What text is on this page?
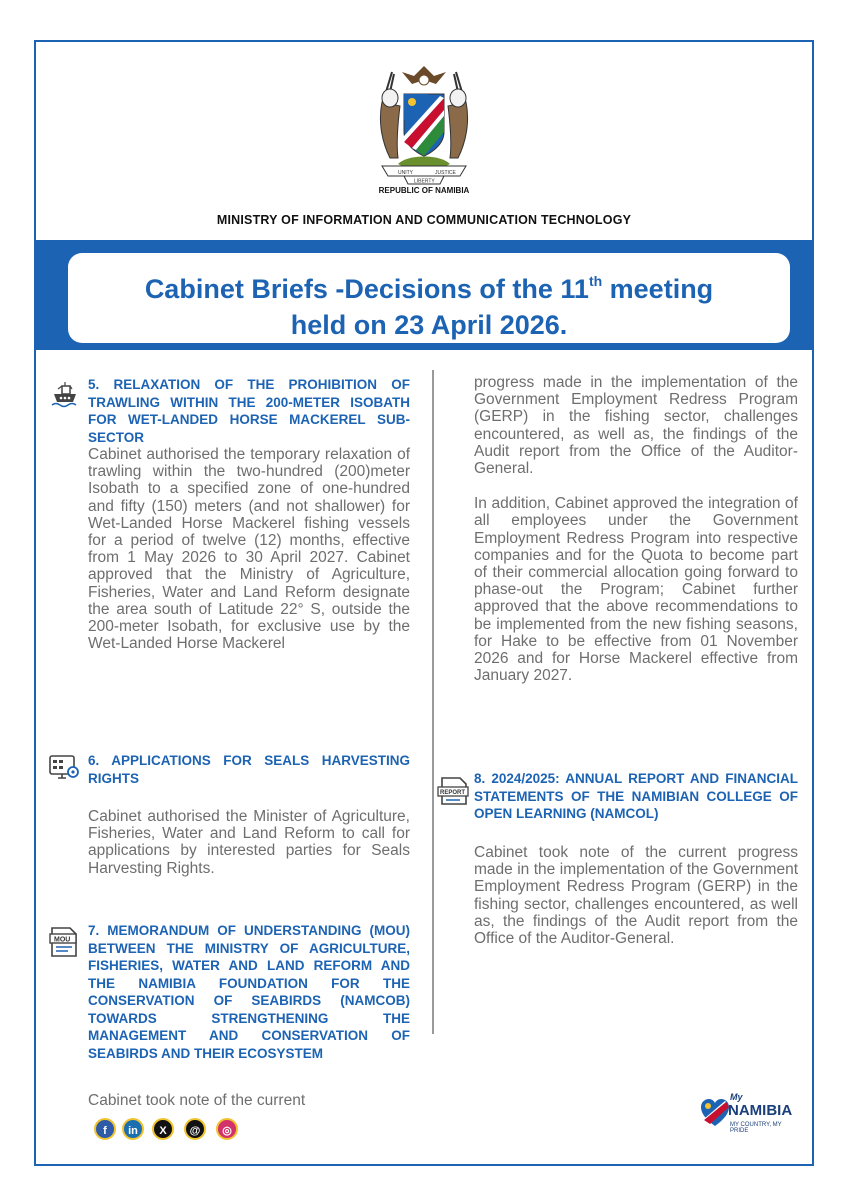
UNITY	JUSTICE
LIBERTY
REPUBLIC OF NAMIBIA
MINISTRY OF INFORMATION AND COMMUNICATION TECHNOLOGY
Cabinet Briefs -Decisions of the 11th meeting
held on 23 April 2026.
5. RELAXATION OF THE PROHIBITION OF TRAWLING WITHIN THE 200-METER ISOBATH FOR WET-LANDED HORSE MACKEREL SUB-SECTOR
Cabinet authorised the temporary relaxation of trawling within the two-hundred (200)meter Isobath to a specified zone of one-hundred and fifty (150) meters (and not shallower) for Wet-Landed Horse Mackerel fishing vessels for a period of twelve (12) months, effective from 1 May 2026 to 30 April 2027. Cabinet approved that the Ministry of Agriculture, Fisheries, Water and Land Reform designate the area south of Latitude 22° S, outside the 200-meter Isobath, for exclusive use by the Wet-Landed Horse Mackerel
6. APPLICATIONS FOR SEALS HARVESTING RIGHTS
Cabinet authorised the Minister of Agriculture, Fisheries, Water and Land Reform to call for applications by interested parties for Seals Harvesting Rights.
MOU
7. MEMORANDUM OF UNDERSTANDING (MOU) BETWEEN THE MINISTRY OF AGRICULTURE, FISHERIES, WATER AND LAND REFORM AND THE NAMIBIA FOUNDATION FOR THE CONSERVATION OF SEABIRDS (NAMCOB) TOWARDS STRENGTHENING THE MANAGEMENT AND CONSERVATION OF SEABIRDS AND THEIR ECOSYSTEM
Cabinet took note of the current
progress made in the implementation of the Government Employment Redress Program (GERP) in the fishing sector, challenges encountered, as well as, the findings of the Audit report from the Office of the Auditor-General.
In addition, Cabinet approved the integration of all employees under the Government Employment Redress Program into respective companies and for the Quota to become part of their commercial allocation going forward to phase-out the Program; Cabinet further approved that the above recommendations to be implemented from the new fishing seasons, for Hake to be effective from 01 November 2026 and for Horse Mackerel effective from January 2027.
REPORT
8. 2024/2025: ANNUAL REPORT AND FINANCIAL STATEMENTS OF THE NAMIBIAN COLLEGE OF OPEN LEARNING (NAMCOL)
Cabinet took note of the current progress made in the implementation of the Government Employment Redress Program (GERP) in the fishing sector, challenges encountered, as well as, the findings of the Audit report from the Office of the Auditor-General.
f	in	X	@	◎
My
NAMIBIA
MY COUNTRY, MY PRIDE
